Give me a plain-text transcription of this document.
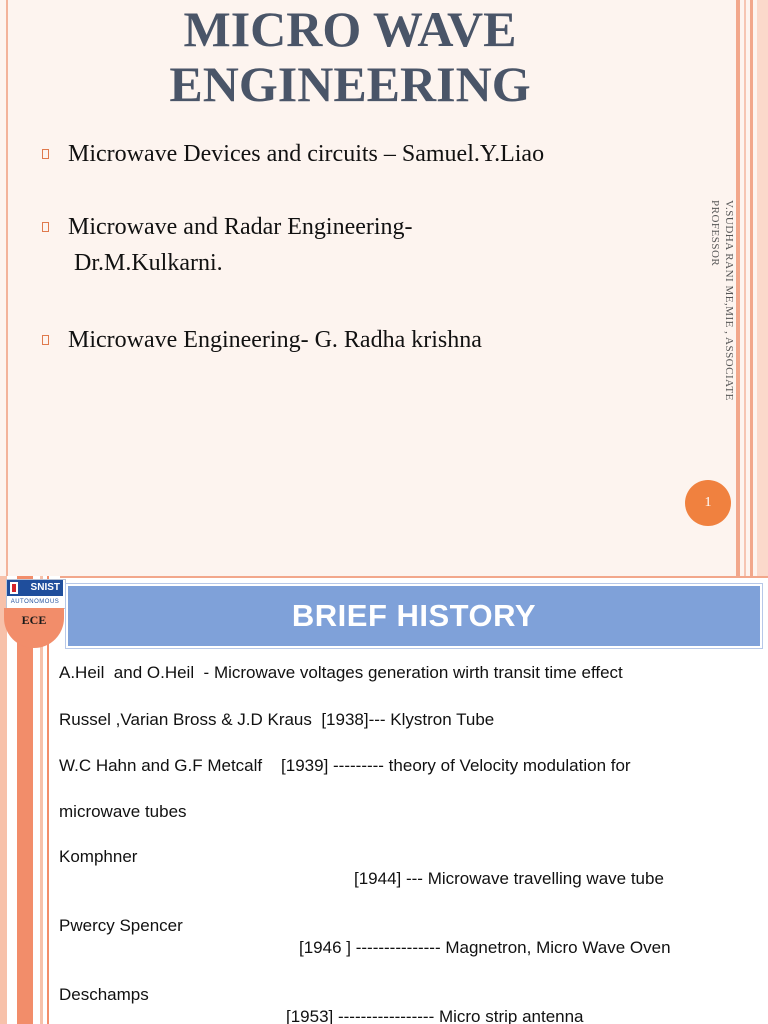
MICRO WAVE
ENGINEERING
Microwave Devices and circuits – Samuel.Y.Liao
Microwave and Radar Engineering-
Dr.M.Kulkarni.
Microwave Engineering- G. Radha krishna	V.SUDHA RANI ME,MIE , ASSOCIATE PROFESSOR
1
SNIST
AUTONOMOUS
ECE	BRIEF HISTORY
A.Heil  and O.Heil  - Microwave voltages generation wirth transit time effect
Russel ,Varian Bross & J.D Kraus  [1938]--- Klystron Tube
W.C Hahn and G.F Metcalf    [1939] --------- theory of Velocity modulation for
microwave tubes

Komphner

[1944] --- Microwave travelling wave tube

Pwercy Spencer

[1946 ] --------------- Magnetron, Micro Wave Oven

Deschamps

[1953] ----------------- Micro strip antenna
